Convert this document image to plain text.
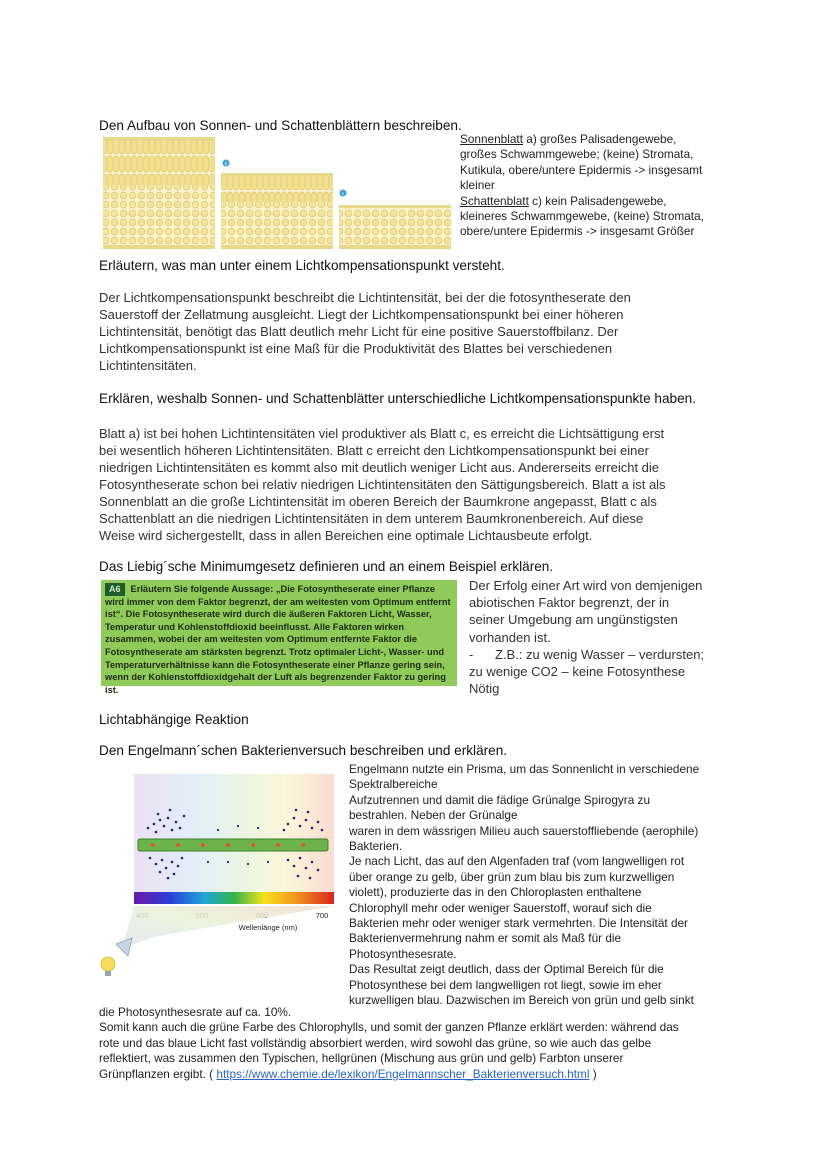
Den Aufbau von Sonnen- und Schattenblättern beschreiben.
b
c
Sonnenblatt a) großes Palisadengewebe,
großes Schwammgewebe; (keine) Stromata,
Kutikula, obere/untere Epidermis -> insgesamt
kleiner
Schattenblatt c) kein Palisadengewebe,
kleineres Schwammgewebe, (keine) Stromata,
obere/untere Epidermis -> insgesamt Größer
Erläutern, was man unter einem Lichtkompensationspunkt versteht.
Der Lichtkompensationspunkt beschreibt die Lichtintensität, bei der die fotosyntheserate den
Sauerstoff der Zellatmung ausgleicht. Liegt der Lichtkompensationspunkt bei einer höheren
Lichtintensität, benötigt das Blatt deutlich mehr Licht für eine positive Sauerstoffbilanz. Der
Lichtkompensationspunkt ist eine Maß für die Produktivität des Blattes bei verschiedenen
Lichtintensitäten.
Erklären, weshalb Sonnen- und Schattenblätter unterschiedliche Lichtkompensationspunkte haben.
Blatt a) ist bei hohen Lichtintensitäten viel produktiver als Blatt c, es erreicht die Lichtsättigung erst
bei wesentlich höheren Lichtintensitäten. Blatt c erreicht den Lichtkompensationspunkt bei einer
niedrigen Lichtintensitäten es kommt also mit deutlich weniger Licht aus. Andererseits erreicht die
Fotosyntheserate schon bei relativ niedrigen Lichtintensitäten den Sättigungsbereich. Blatt a ist als
Sonnenblatt an die große Lichtintensität im oberen Bereich der Baumkrone angepasst, Blatt c als
Schattenblatt an die niedrigen Lichtintensitäten in dem unterem Baumkronenbereich. Auf diese
Weise wird sichergestellt, dass in allen Bereichen eine optimale Lichtausbeute erfolgt.
Das Liebig´sche Minimumgesetz definieren und an einem Beispiel erklären.
A6 Erläutern Sie folgende Aussage: „Die Fotosyntheserate einer Pflanze wird immer von dem Faktor begrenzt, der am weitesten vom Optimum entfernt ist“. Die Fotosyntheserate wird durch die äußeren Faktoren Licht, Wasser, Temperatur und Kohlenstoffdioxid beeinflusst. Alle Faktoren wirken zusammen, wobei der am weitesten vom Optimum entfernte Faktor die Fotosyntheserate am stärksten begrenzt. Trotz optimaler Licht-, Wasser- und Temperaturverhältnisse kann die Fotosyntheserate einer Pflanze gering sein, wenn der Kohlenstoffdioxidgehalt der Luft als begrenzender Faktor zu gering ist.
Der Erfolg einer Art wird von demjenigen
abiotischen Faktor begrenzt, der in
seiner Umgebung am ungünstigsten
vorhanden ist.
-      Z.B.: zu wenig Wasser – verdursten;
zu wenige CO2 – keine Fotosynthese
Nötig
Lichtabhängige Reaktion
Den Engelmann´schen Bakterienversuch beschreiben und erklären.
700
Wellenlänge (nm)
Engelmann nutzte ein Prisma, um das Sonnenlicht in verschiedene
Spektralbereiche
Aufzutrennen und damit die fädige Grünalge Spirogyra zu
bestrahlen. Neben der Grünalge
waren in dem wässrigen Milieu auch sauerstoffliebende (aerophile)
Bakterien.
Je nach Licht, das auf den Algenfaden traf (vom langwelligen rot
über orange zu gelb, über grün zum blau bis zum kurzwelligen
violett), produzierte das in den Chloroplasten enthaltene
Chlorophyll mehr oder weniger Sauerstoff, worauf sich die
Bakterien mehr oder weniger stark vermehrten. Die Intensität der
Bakterienvermehrung nahm er somit als Maß für die
Photosynthesesrate.
Das Resultat zeigt deutlich, dass der Optimal Bereich für die
Photosynthese bei dem langwelligen rot liegt, sowie im eher
kurzwelligen blau. Dazwischen im Bereich von grün und gelb sinkt
die Photosynthesesrate auf ca. 10%.
Somit kann auch die grüne Farbe des Chlorophylls, und somit der ganzen Pflanze erklärt werden: während das
rote und das blaue Licht fast vollständig absorbiert werden, wird sowohl das grüne, so wie auch das gelbe
reflektiert, was zusammen den Typischen, hellgrünen (Mischung aus grün und gelb) Farbton unserer
Grünpflanzen ergibt. ( https://www.chemie.de/lexikon/Engelmannscher_Bakterienversuch.html )
